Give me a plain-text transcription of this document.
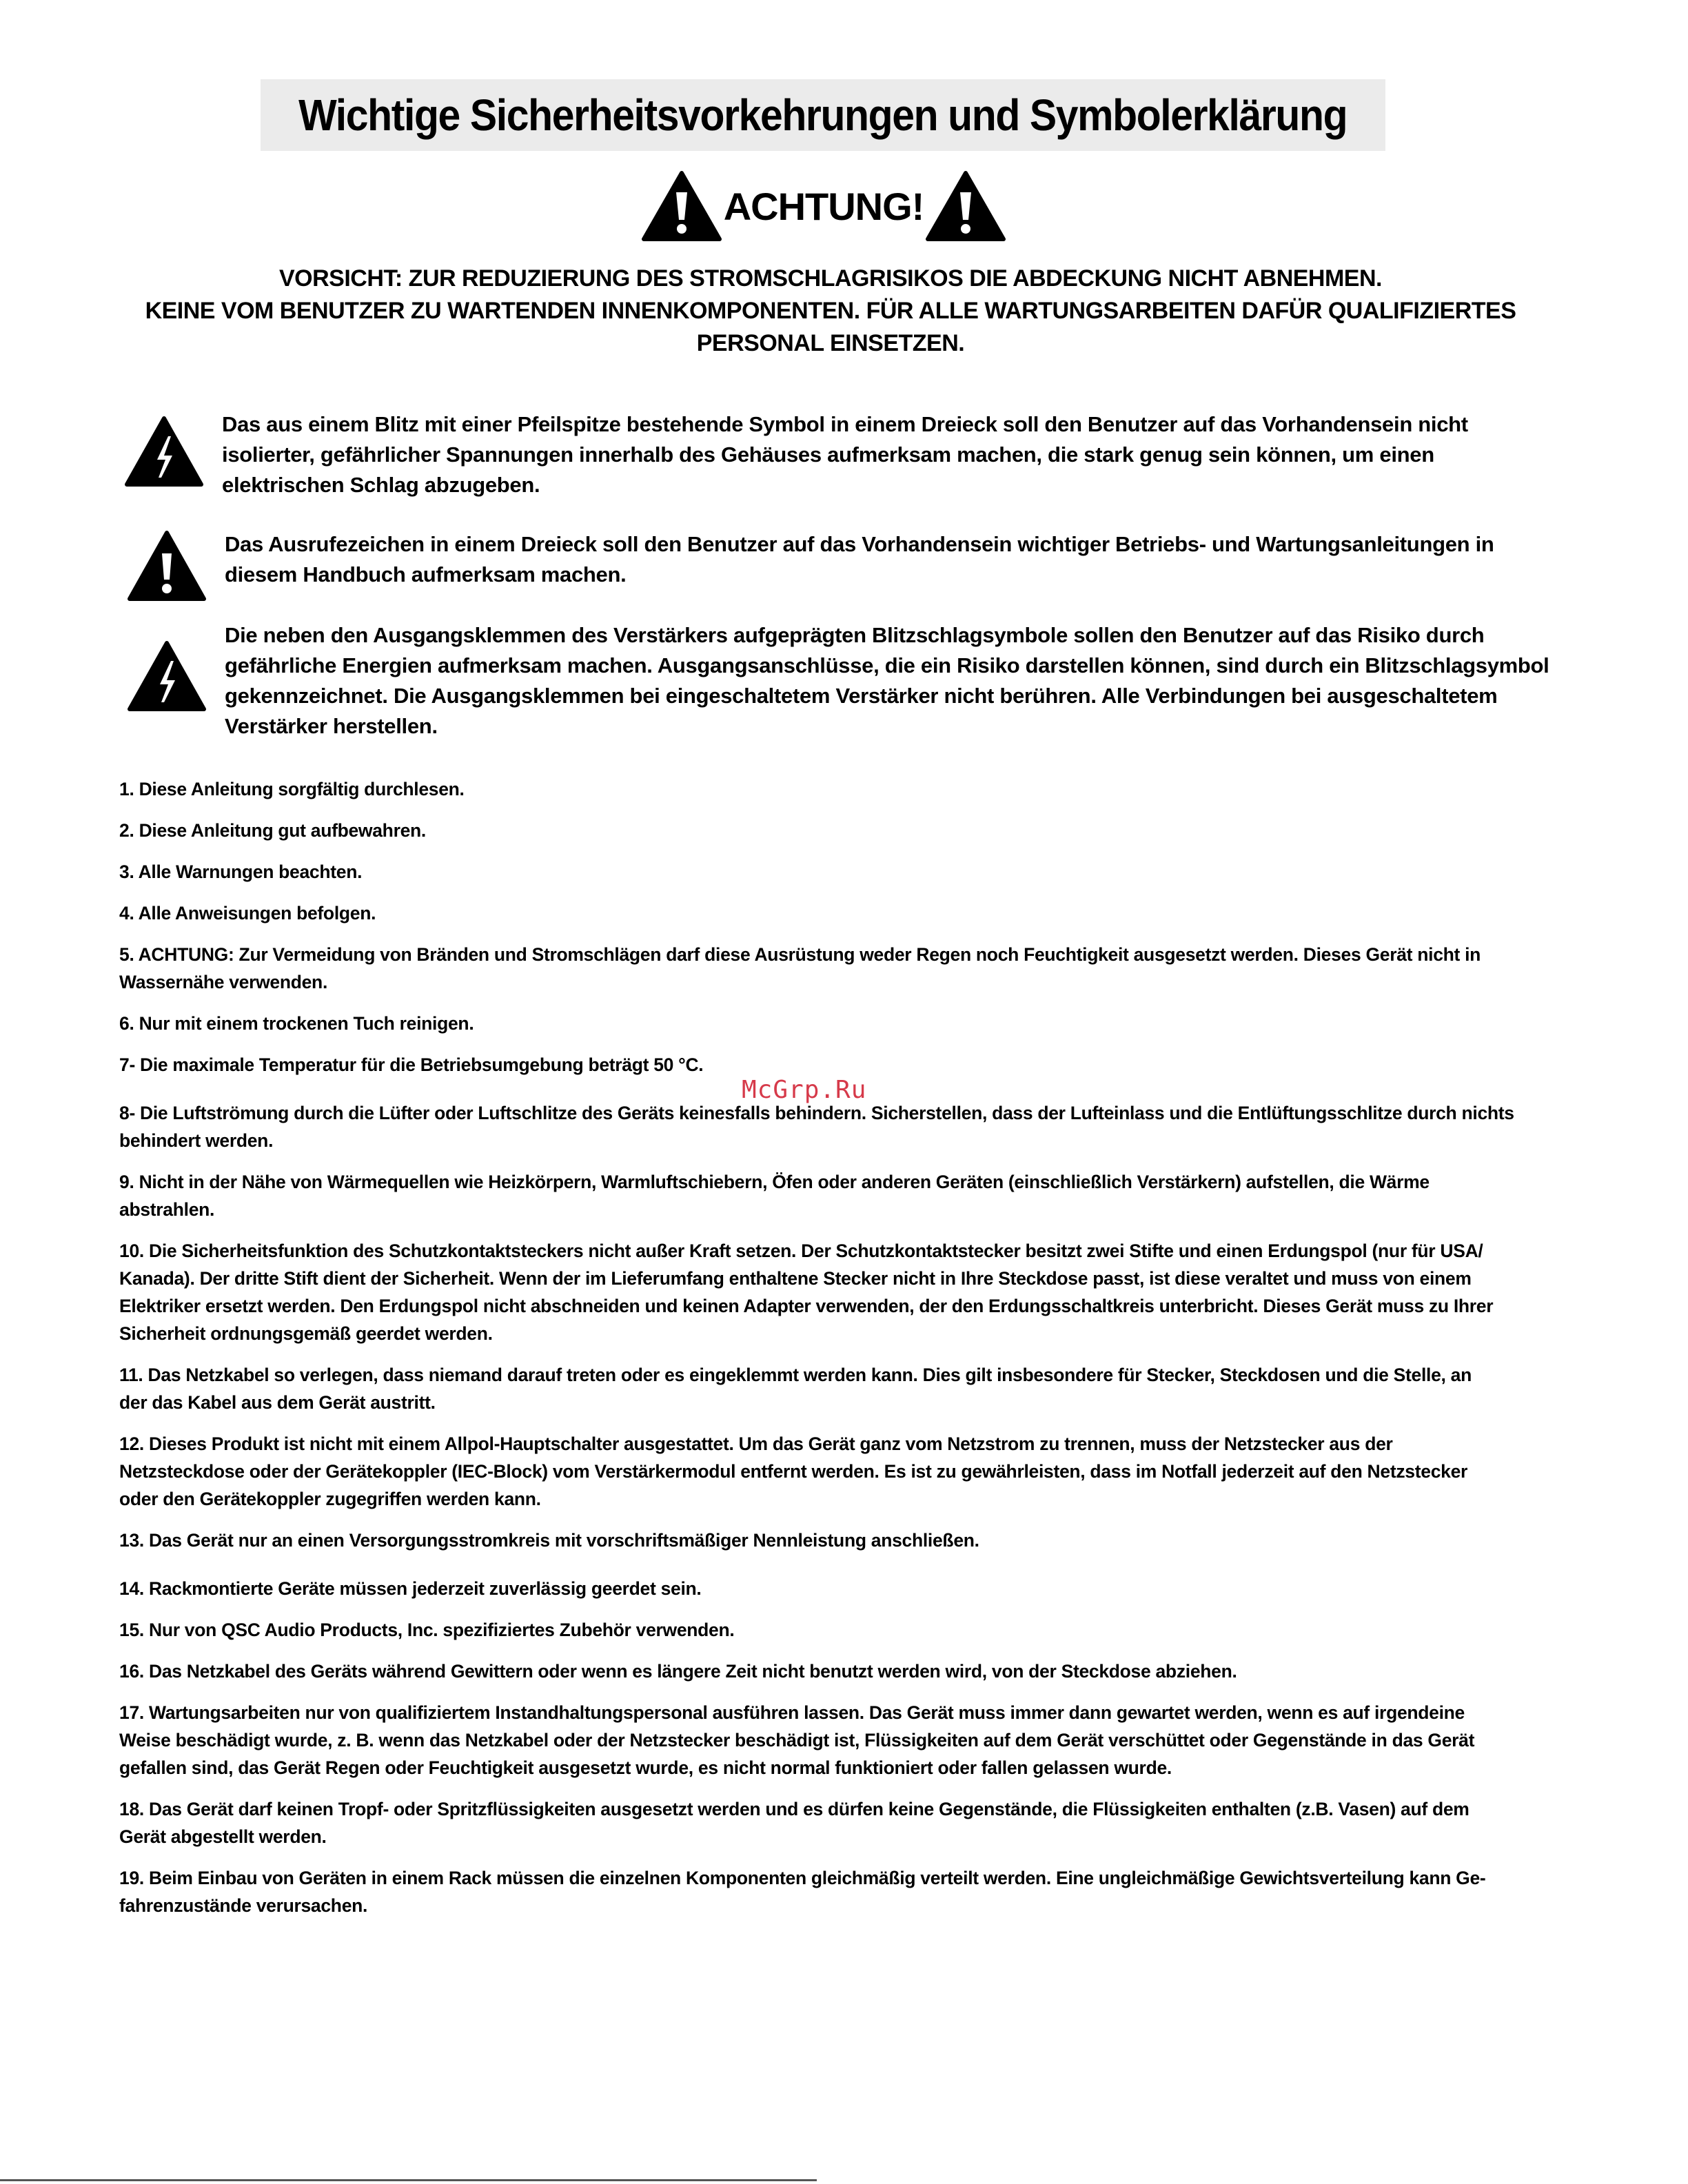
Wichtige Sicherheitsvorkehrungen und Symbolerklärung
ACHTUNG!
VORSICHT: ZUR REDUZIERUNG DES STROMSCHLAGRISIKOS DIE ABDECKUNG NICHT ABNEHMEN.
KEINE VOM BENUTZER ZU WARTENDEN INNENKOMPONENTEN. FÜR ALLE WARTUNGSARBEITEN DAFÜR QUALIFIZIERTES
PERSONAL EINSETZEN.
Das aus einem Blitz mit einer Pfeilspitze bestehende Symbol in einem Dreieck soll den Benutzer auf das Vorhandensein nicht
isolierter, gefährlicher Spannungen innerhalb des Gehäuses aufmerksam machen, die stark genug sein können, um einen
elektrischen Schlag abzugeben.
Das Ausrufezeichen in einem Dreieck soll den Benutzer auf das Vorhandensein wichtiger Betriebs- und Wartungsanleitungen in
diesem Handbuch aufmerksam machen.
Die neben den Ausgangsklemmen des Verstärkers aufgeprägten Blitzschlagsymbole sollen den Benutzer auf das Risiko durch
gefährliche Energien aufmerksam machen. Ausgangsanschlüsse, die ein Risiko darstellen können, sind durch ein Blitzschlagsymbol
gekennzeichnet. Die Ausgangsklemmen bei eingeschaltetem Verstärker nicht berühren. Alle Verbindungen bei ausgeschaltetem
Verstärker herstellen.
1. Diese Anleitung sorgfältig durchlesen.
2. Diese Anleitung gut aufbewahren.
3. Alle Warnungen beachten.
4. Alle Anweisungen befolgen.
5. ACHTUNG: Zur Vermeidung von Bränden und Stromschlägen darf diese Ausrüstung weder Regen noch Feuchtigkeit ausgesetzt werden. Dieses Gerät nicht in
Wassernähe verwenden.
6. Nur mit einem trockenen Tuch reinigen.
7- Die maximale Temperatur für die Betriebsumgebung beträgt 50 °C.
8- Die Luftströmung durch die Lüfter oder Luftschlitze des Geräts keinesfalls behindern. Sicherstellen, dass der Lufteinlass und die Entlüftungsschlitze durch nichts
behindert werden.
9. Nicht in der Nähe von Wärmequellen wie Heizkörpern, Warmluftschiebern, Öfen oder anderen Geräten (einschließlich Verstärkern) aufstellen, die Wärme
abstrahlen.
10. Die Sicherheitsfunktion des Schutzkontaktsteckers nicht außer Kraft setzen. Der Schutzkontaktstecker besitzt zwei Stifte und einen Erdungspol (nur für USA/
Kanada). Der dritte Stift dient der Sicherheit. Wenn der im Lieferumfang enthaltene Stecker nicht in Ihre Steckdose passt, ist diese veraltet und muss von einem
Elektriker ersetzt werden. Den Erdungspol nicht abschneiden und keinen Adapter verwenden, der den Erdungsschaltkreis unterbricht. Dieses Gerät muss zu Ihrer
Sicherheit ordnungsgemäß geerdet werden.
11. Das Netzkabel so verlegen, dass niemand darauf treten oder es eingeklemmt werden kann. Dies gilt insbesondere für Stecker, Steckdosen und die Stelle, an
der das Kabel aus dem Gerät austritt.
12. Dieses Produkt ist nicht mit einem Allpol-Hauptschalter ausgestattet. Um das Gerät ganz vom Netzstrom zu trennen, muss der Netzstecker aus der
Netzsteckdose oder der Gerätekoppler (IEC-Block) vom Verstärkermodul entfernt werden. Es ist zu gewährleisten, dass im Notfall jederzeit auf den Netzstecker
oder den Gerätekoppler zugegriffen werden kann.
13. Das Gerät nur an einen Versorgungsstromkreis mit vorschriftsmäßiger Nennleistung anschließen.
14. Rackmontierte Geräte müssen jederzeit zuverlässig geerdet sein.
15. Nur von QSC Audio Products, Inc. spezifiziertes Zubehör verwenden.
16. Das Netzkabel des Geräts während Gewittern oder wenn es längere Zeit nicht benutzt werden wird, von der Steckdose abziehen.
17. Wartungsarbeiten nur von qualifiziertem Instandhaltungspersonal ausführen lassen. Das Gerät muss immer dann gewartet werden, wenn es auf irgendeine
Weise beschädigt wurde, z. B. wenn das Netzkabel oder der Netzstecker beschädigt ist, Flüssigkeiten auf dem Gerät verschüttet oder Gegenstände in das Gerät
gefallen sind, das Gerät Regen oder Feuchtigkeit ausgesetzt wurde, es nicht normal funktioniert oder fallen gelassen wurde.
18. Das Gerät darf keinen Tropf- oder Spritzflüssigkeiten ausgesetzt werden und es dürfen keine Gegenstände, die Flüssigkeiten enthalten (z.B. Vasen) auf dem
Gerät abgestellt werden.
19. Beim Einbau von Geräten in einem Rack müssen die einzelnen Komponenten gleichmäßig verteilt werden. Eine ungleichmäßige Gewichtsverteilung kann Ge-
fahrenzustände verursachen.
McGrp.Ru
